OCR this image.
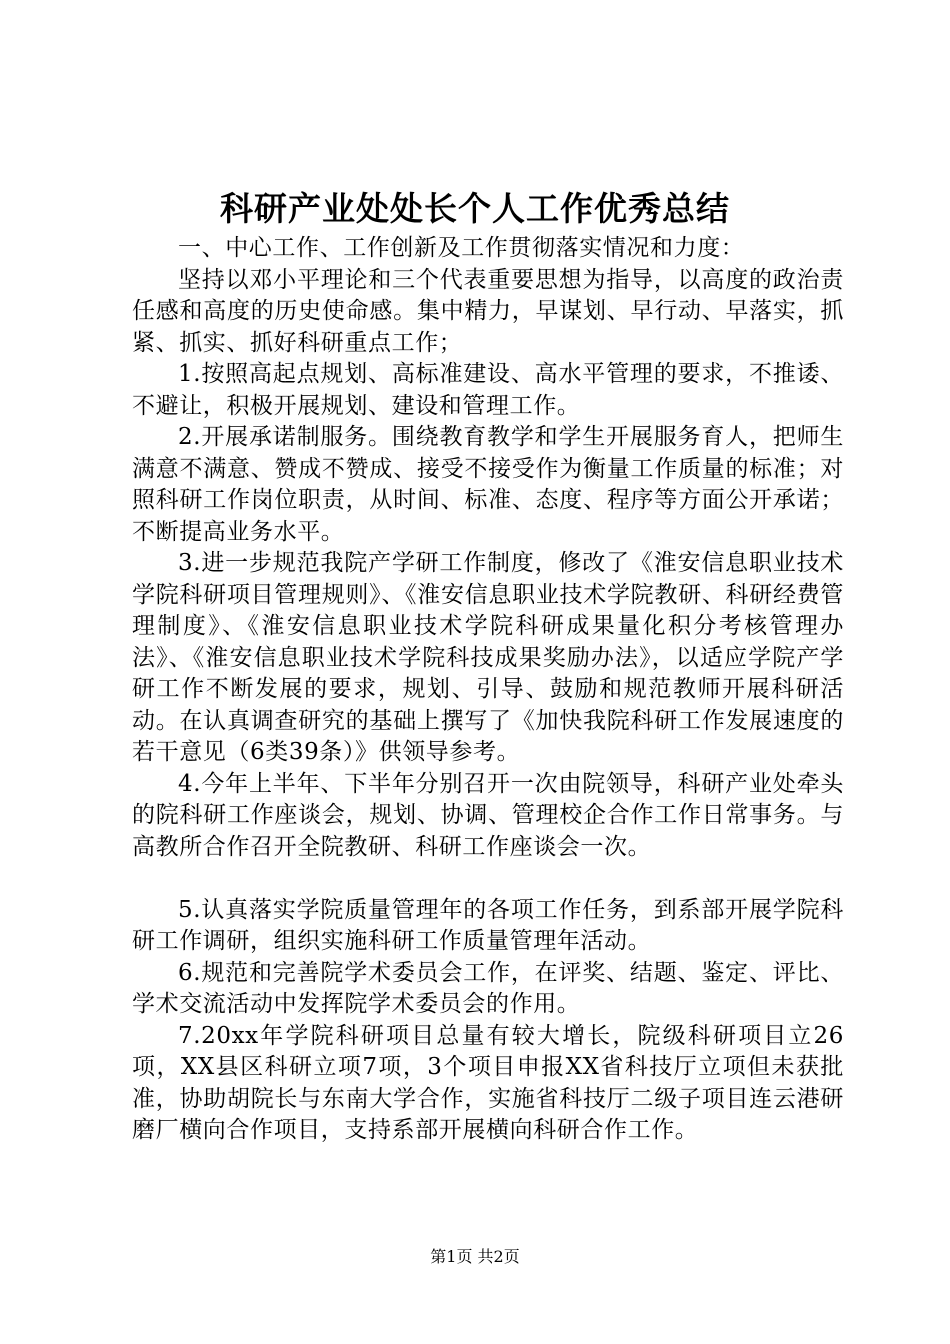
科研产业处处长个人工作优秀总结

一、中心工作、工作创新及工作贯彻落实情况和力度：

坚持以邓小平理论和三个代表重要思想为指导，以高度的政治责任感和高度的历史使命感。集中精力，早谋划、早行动、早落实，抓紧、抓实、抓好科研重点工作；

1.按照高起点规划、高标准建设、高水平管理的要求，不推诿、不避让，积极开展规划、建设和管理工作。

2.开展承诺制服务。围绕教育教学和学生开展服务育人，把师生满意不满意、赞成不赞成、接受不接受作为衡量工作质量的标准；对照科研工作岗位职责，从时间、标准、态度、程序等方面公开承诺；不断提高业务水平。

3.进一步规范我院产学研工作制度，修改了《淮安信息职业技术学院科研项目管理规则》、《淮安信息职业技术学院教研、科研经费管理制度》、《淮安信息职业技术学院科研成果量化积分考核管理办法》、《淮安信息职业技术学院科技成果奖励办法》，以适应学院产学研工作不断发展的要求，规划、引导、鼓励和规范教师开展科研活动。在认真调查研究的基础上撰写了《加快我院科研工作发展速度的若干意见（6类39条）》供领导参考。

4.今年上半年、下半年分别召开一次由院领导，科研产业处牵头的院科研工作座谈会，规划、协调、管理校企合作工作日常事务。与高教所合作召开全院教研、科研工作座谈会一次。

5.认真落实学院质量管理年的各项工作任务，到系部开展学院科研工作调研，组织实施科研工作质量管理年活动。

6.规范和完善院学术委员会工作，在评奖、结题、鉴定、评比、学术交流活动中发挥院学术委员会的作用。

7.20xx年学院科研项目总量有较大增长，院级科研项目立26项，XX县区科研立项7项，3个项目申报XX省科技厅立项但未获批准，协助胡院长与东南大学合作，实施省科技厅二级子项目连云港研磨厂横向合作项目，支持系部开展横向科研合作工作。

第1页 共2页
